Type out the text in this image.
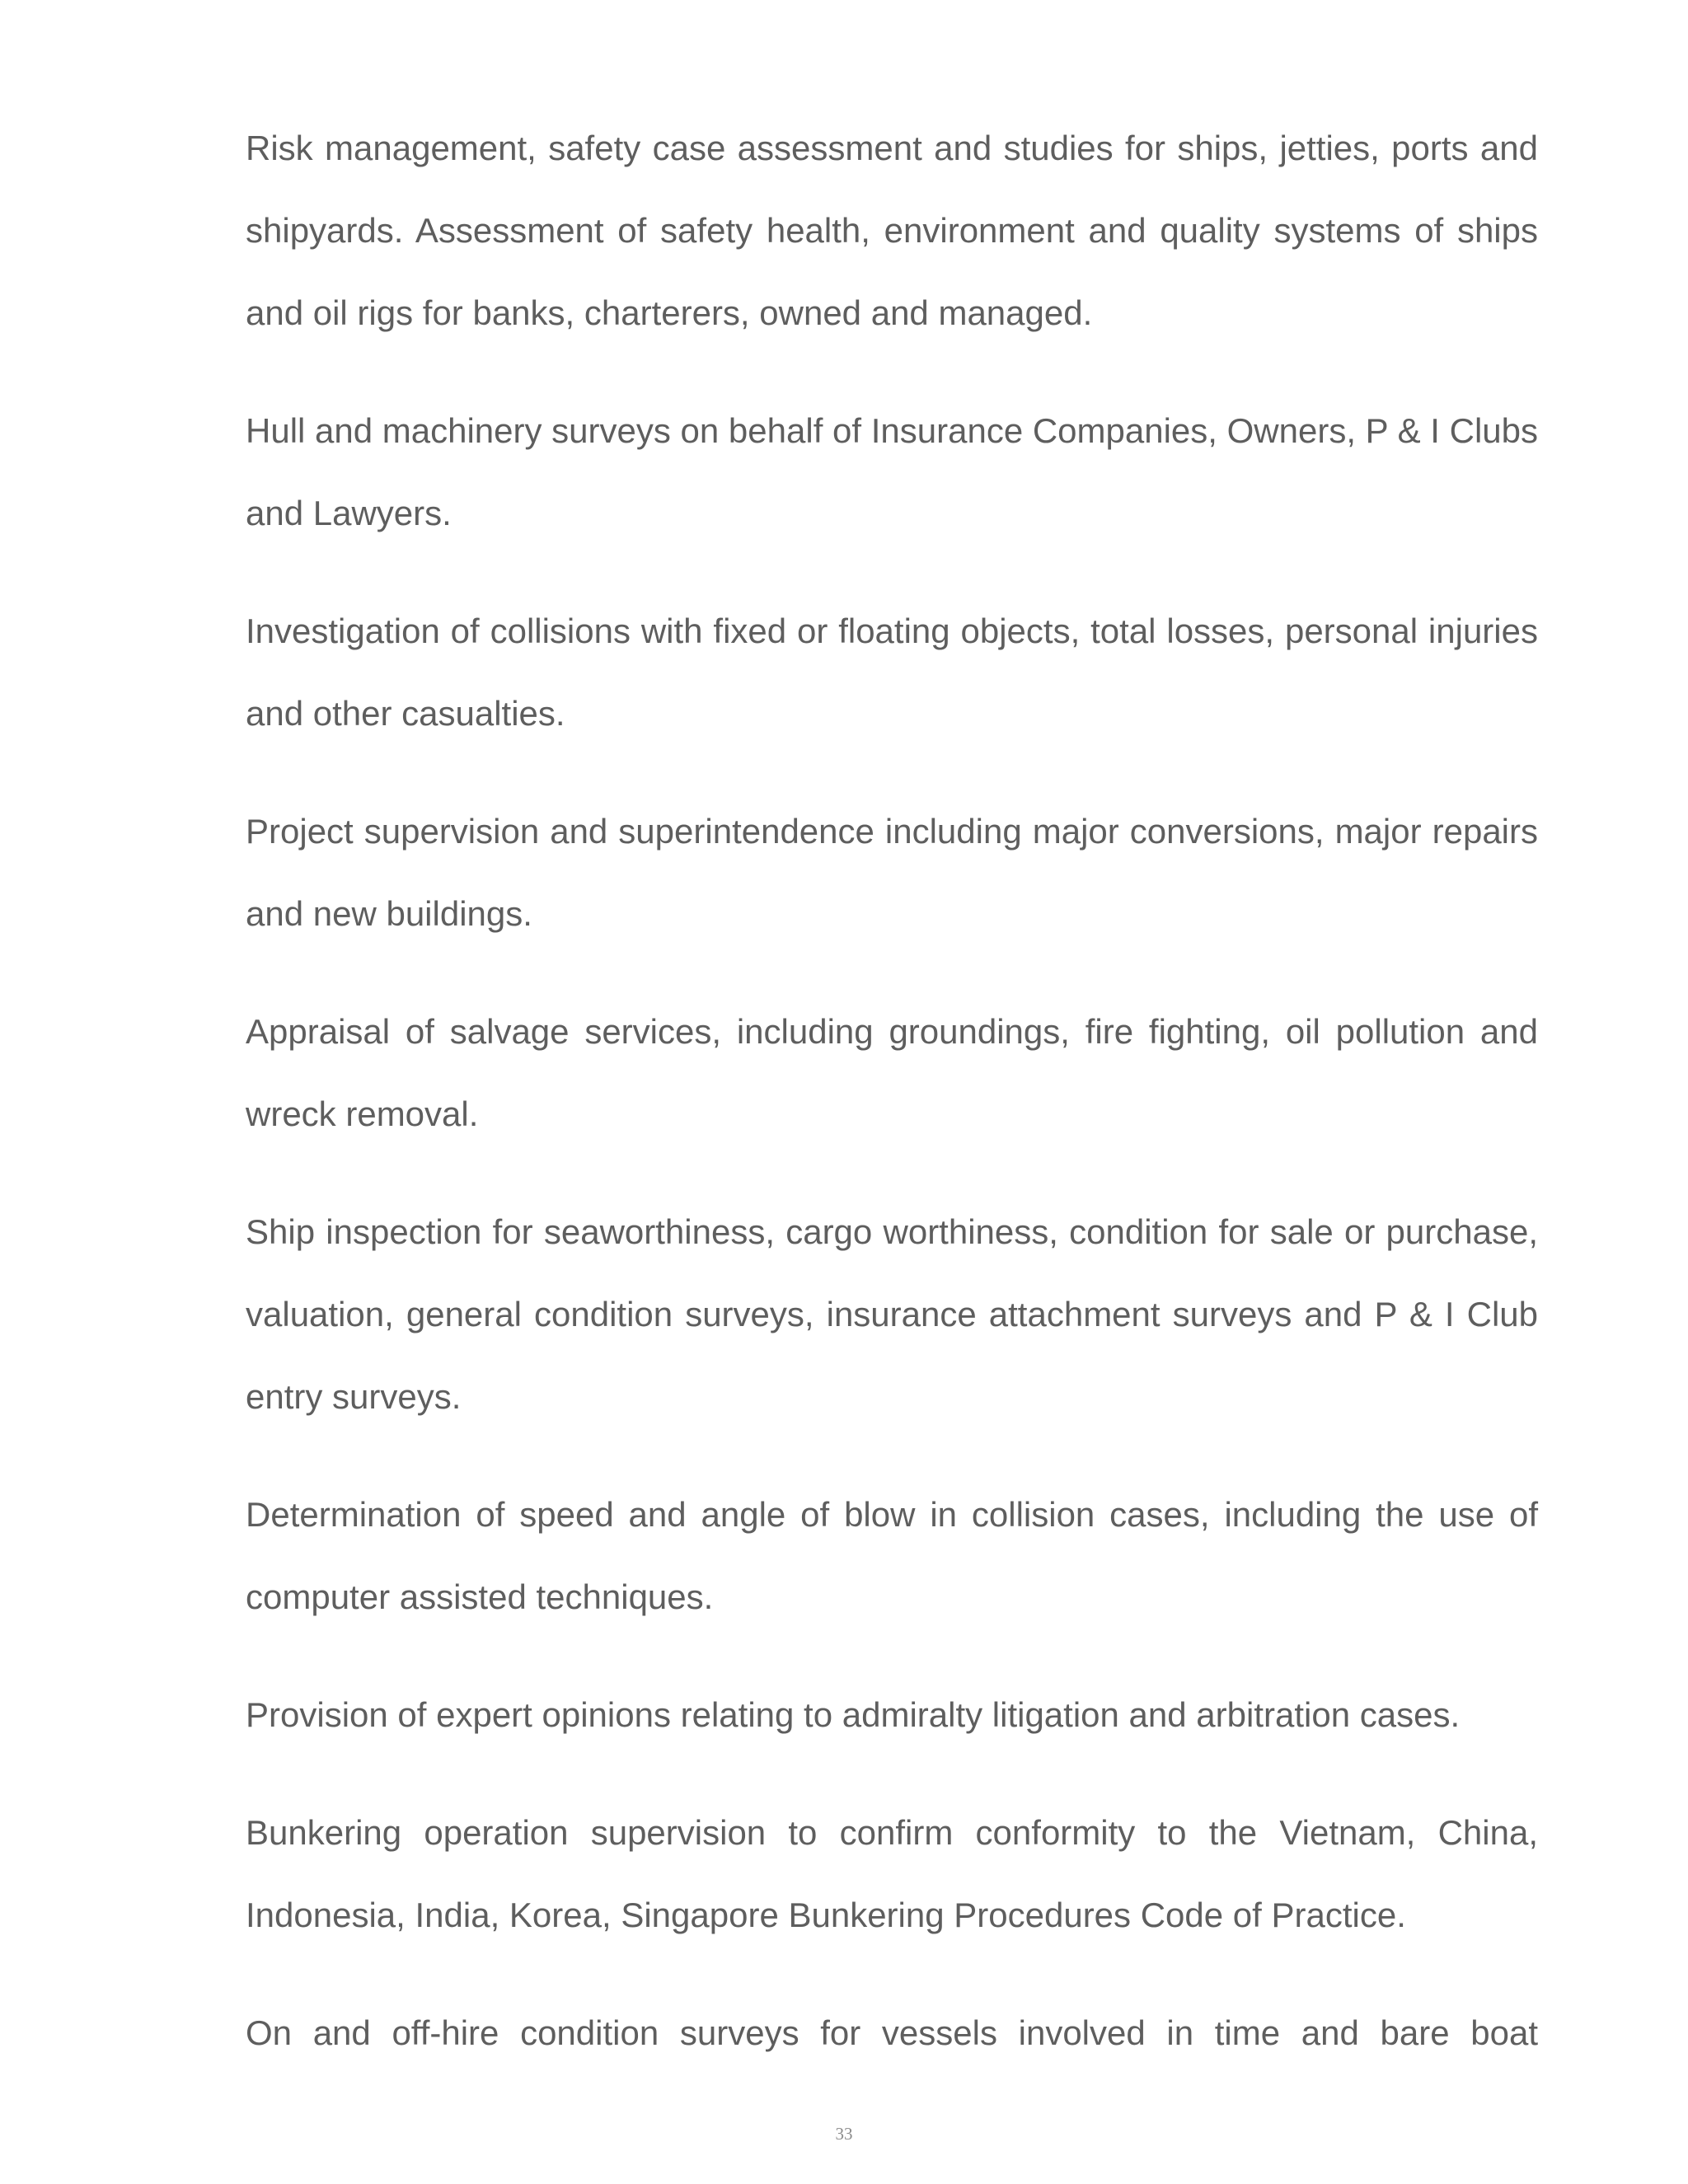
Risk management, safety case assessment and studies for ships, jetties, ports and shipyards. Assessment of safety health, environment and quality systems of ships and oil rigs for banks, charterers, owned and managed.

Hull and machinery surveys on behalf of Insurance Companies, Owners, P & I Clubs and Lawyers.

Investigation of collisions with fixed or floating objects, total losses, personal injuries and other casualties.

Project supervision and superintendence including major conversions, major repairs and new buildings.

Appraisal of salvage services, including groundings, fire fighting, oil pollution and wreck removal.

Ship inspection for seaworthiness, cargo worthiness, condition for sale or purchase, valuation, general condition surveys, insurance attachment surveys and P & I Club entry surveys.

Determination of speed and angle of blow in collision cases, including the use of computer assisted techniques.

Provision of expert opinions relating to admiralty litigation and arbitration cases.

Bunkering operation supervision to confirm conformity to the Vietnam, China, Indonesia, India, Korea, Singapore Bunkering Procedures Code of Practice.

On and off-hire condition surveys for vessels involved in time and bare boat

33
